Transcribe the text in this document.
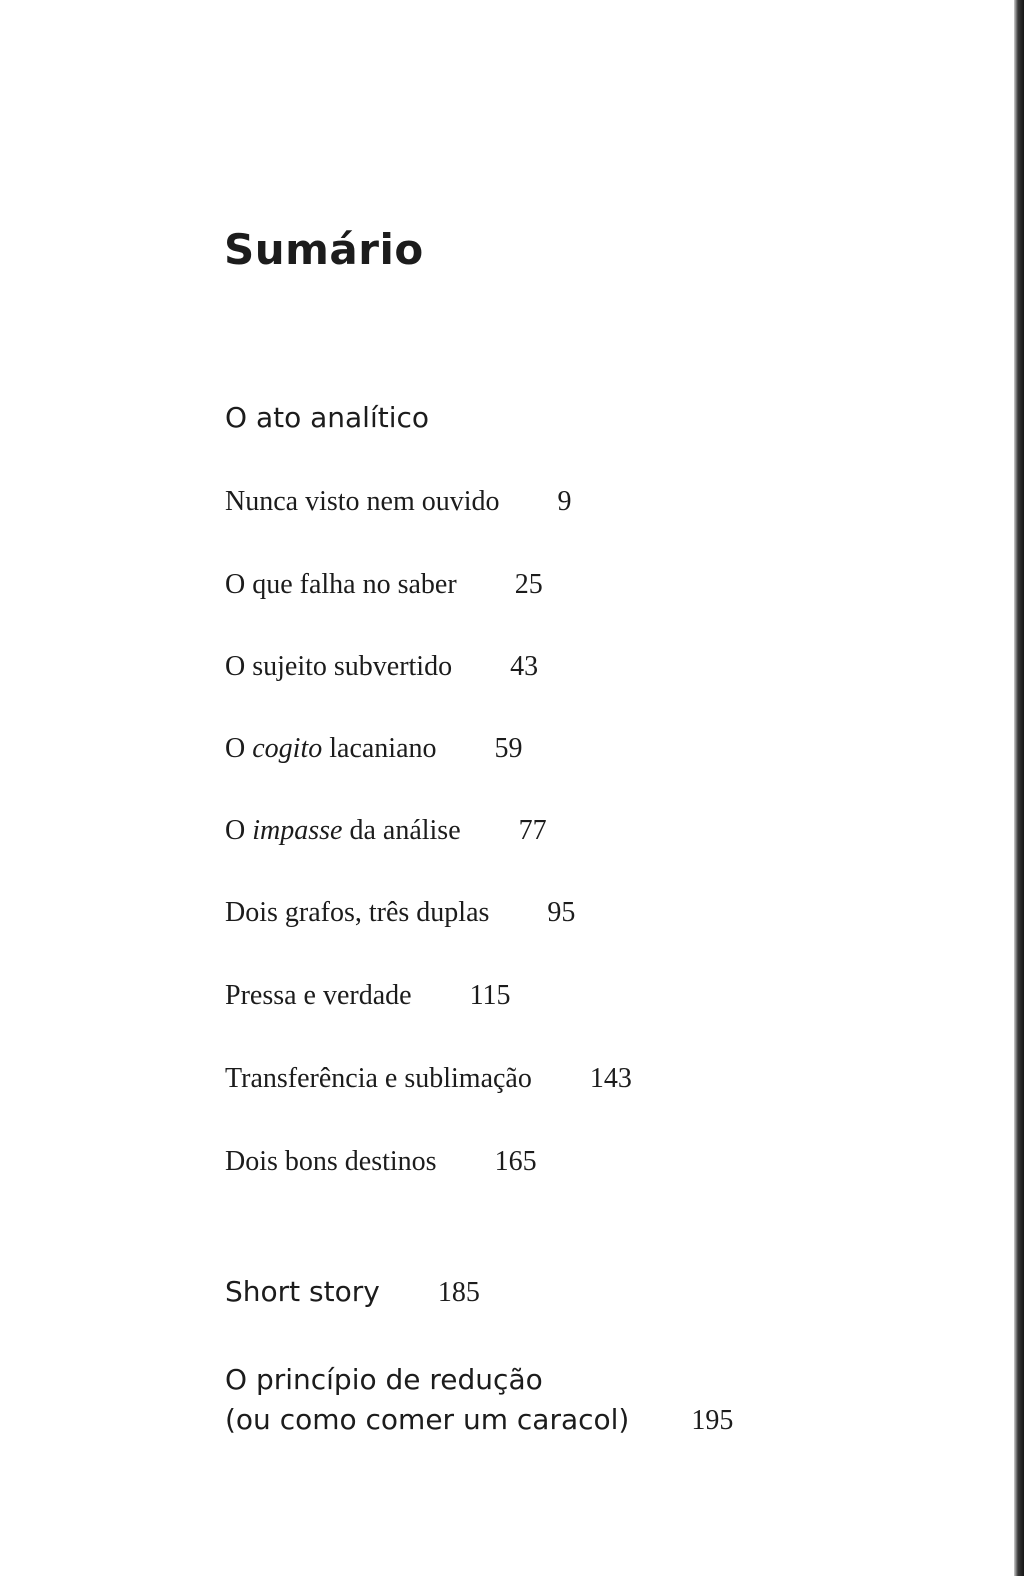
Sumário
O ato analítico
Nunca visto nem ouvido 9
O que falha no saber 25
O sujeito subvertido 43
O cogito lacaniano 59
O impasse da análise 77
Dois grafos, três duplas 95
Pressa e verdade 115
Transferência e sublimação 143
Dois bons destinos 165
Short story 185
O princípio de redução
(ou como comer um caracol) 195
